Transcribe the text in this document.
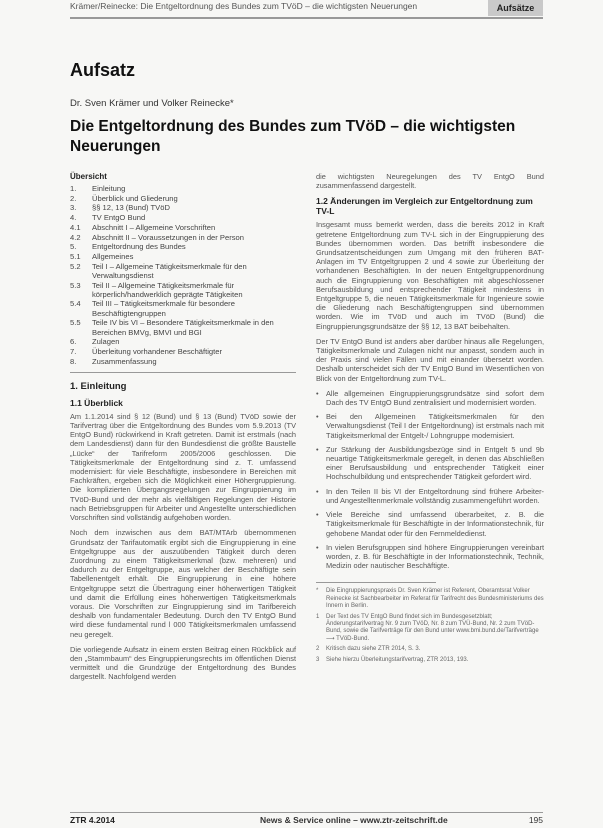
Krämer/Reinecke: Die Entgeltordnung des Bundes zum TVöD – die wichtigsten Neuerungen	Aufsätze
Aufsatz
Dr. Sven Krämer und Volker Reinecke*
Die Entgeltordnung des Bundes zum TVöD – die wichtigsten Neuerungen
Übersicht
1.	Einleitung
2.	Überblick und Gliederung
3.	§§ 12, 13 (Bund) TVöD
4.	TV EntgO Bund
4.1	Abschnitt I – Allgemeine Vorschriften
4.2	Abschnitt II – Voraussetzungen in der Person
5.	Entgeltordnung des Bundes
5.1	Allgemeines
5.2	Teil I – Allgemeine Tätigkeitsmerkmale für den Verwaltungsdienst
5.3	Teil II – Allgemeine Tätigkeitsmerkmale für körperlich/handwerklich geprägte Tätigkeiten
5.4	Teil III – Tätigkeitsmerkmale für besondere Beschäftigtengruppen
5.5	Teile IV bis VI – Besondere Tätigkeitsmerkmale in den Bereichen BMVg, BMVI und BGI
6.	Zulagen
7.	Überleitung vorhandener Beschäftigter
8.	Zusammenfassung
1. Einleitung
1.1 Überblick

Am 1.1.2014 sind § 12 (Bund) und § 13 (Bund) TVöD sowie der Tarifvertrag über die Entgeltordnung des Bundes vom 5.9.2013 (TV EntgO Bund) rückwirkend in Kraft getreten. Damit ist erstmals (nach dem Landesdienst) dann für den Bundesdienst die größte Baustelle „Lücke“ der Tarifreform 2005/2006 geschlossen. Die Tätigkeitsmerkmale der Entgeltordnung sind z. T. umfassend modernisiert: für viele Beschäftigte, insbesondere in Bereichen mit Fachkräften, ergeben sich die Möglichkeit einer Höhergruppierung. Die komplizierten Übergangsregelungen zur Eingruppierung im TVöD-Bund und der mehr als vielfältigen Regelungen der Historie nach Betriebsgruppen für Arbeiter und Angestellte unterschiedlichen Vorschriften sind vollständig aufgehoben worden.

Noch dem inzwischen aus dem BAT/MTArb übernommenen Grundsatz der Tarifautomatik ergibt sich die Eingruppierung in eine Entgeltgruppe aus der auszuübenden Tätigkeit durch deren Zuordnung zu einem Tätigkeitsmerkmal (bzw. mehreren) und dadurch zu der Entgeltgruppe, aus welcher der Beschäftigte sein Tabellenentgelt erhält. Die Eingruppierung in eine höhere Entgeltgruppe setzt die Übertragung einer höherwertigen Tätigkeit und damit die Erfüllung eines höherwertigen Tätigkeitsmerkmals voraus. Die Vorschriften zur Eingruppierung sind im Tarifbereich deshalb von fundamentaler Bedeutung. Durch den TV EntgO Bund wird diese fundamental rund l 000 Tätigkeitsmerkmalen umfassend neu geregelt.

Die vorliegende Aufsatz in einem ersten Beitrag einen Rückblick auf den „Stammbaum“ des Eingruppierungsrechts im öffentlichen Dienst vermittelt und die Grundzüge der Entgeltordnung des Bundes dargestellt. Nachfolgend werden

die wichtigsten Neuregelungen des TV EntgO Bund zusammenfassend dargestellt.

1.2 Änderungen im Vergleich zur Entgeltordnung zum TV-L

Insgesamt muss bemerkt werden, dass die bereits 2012 in Kraft getretene Entgeltordnung zum TV-L sich in der Eingruppierung des Bundes übernommen worden. Das betrifft insbesondere die Grundsatzentscheidungen zum Umgang mit den früheren BAT-Anlagen im TV Entgeltgruppen 2 und 4 sowie zur Überleitung der vorhandenen Beschäftigten. In der neuen Entgeltgruppenordnung auch die Eingruppierung von Beschäftigten mit abgeschlossener Berufsausbildung und entsprechender Tätigkeit mindestens in Entgeltgruppe 5, die neuen Tätigkeitsmerkmale für Ingenieure sowie die Gliederung nach Beschäftigtengruppen sind übernommen worden. Wie im TVöD und auch im TVöD (Bund) die Eingruppierungsgrundsätze der §§ 12, 13 BAT beibehalten.

Der TV EntgO Bund ist anders aber darüber hinaus alle Regelungen, Tätigkeitsmerkmale und Zulagen nicht nur anpasst, sondern auch in der Praxis sind vielen Fällen und mit einander übersetzt worden. Deshalb unterscheidet sich der TV EntgO Bund im Wesentlichen von Blick von der Entgeltordnung zum TV-L.

•	Alle allgemeinen Eingruppierungsgrundsätze sind sofort dem Dach des TV EntgO Bund zentralisiert und modernisiert worden.
•	Bei den Allgemeinen Tätigkeitsmerkmalen für den Verwaltungsdienst (Teil I der Entgeltordnung) ist erstmals nach mit Tätigkeitsmerkmal der Entgelt-/ Lohngruppe modernisiert.
•	Zur Stärkung der Ausbildungsbezüge sind in Entgelt 5 und 9b neuartige Tätigkeitsmerkmale geregelt, in denen das Abschließen einer Berufsausbildung und entsprechender Tätigkeit einer Hochschulbildung und entsprechender Tätigkeit gefordert wird.
•	In den Teilen II bis VI der Entgeltordnung sind frühere Arbeiter- und Angestelltenmerkmale vollständig zusammengeführt worden.
•	Viele Bereiche sind umfassend überarbeitet, z. B. die Tätigkeitsmerkmale für Beschäftigte in der Informationstechnik, für gehobene Mandat oder für den Fernmeldedienst.
•	In vielen Berufsgruppen sind höhere Eingruppierungen vereinbart worden, z. B. für Beschäftigte in der Informationstechnik, Technik, Medizin oder nautischer Beschäftigte.
*	Die Eingruppierungspraxis Dr. Sven Krämer ist Referent, Oberamtsrat Volker Reinecke ist Sachbearbeiter im Referat für Tarifrecht des Bundesministeriums des Innern in Berlin.
1	Der Text des TV EntgO Bund findet sich im Bundesgesetzblatt; Änderungstarifvertrag Nr. 9 zum TVöD, Nr. 8 zum TVÜ-Bund, Nr. 2 zum TVöD-Bund, sowie die Tarifverträge für den Bund unter www.bmi.bund.de/Tarifverträge ⟶ TVöD-Bund.
2	Kritisch dazu siehe ZTR 2014, S. 3.
3	Siehe hierzu Überleitungstarifvertrag, ZTR 2013, 193.
ZTR 4.2014	News & Service online – www.ztr-zeitschrift.de	195
